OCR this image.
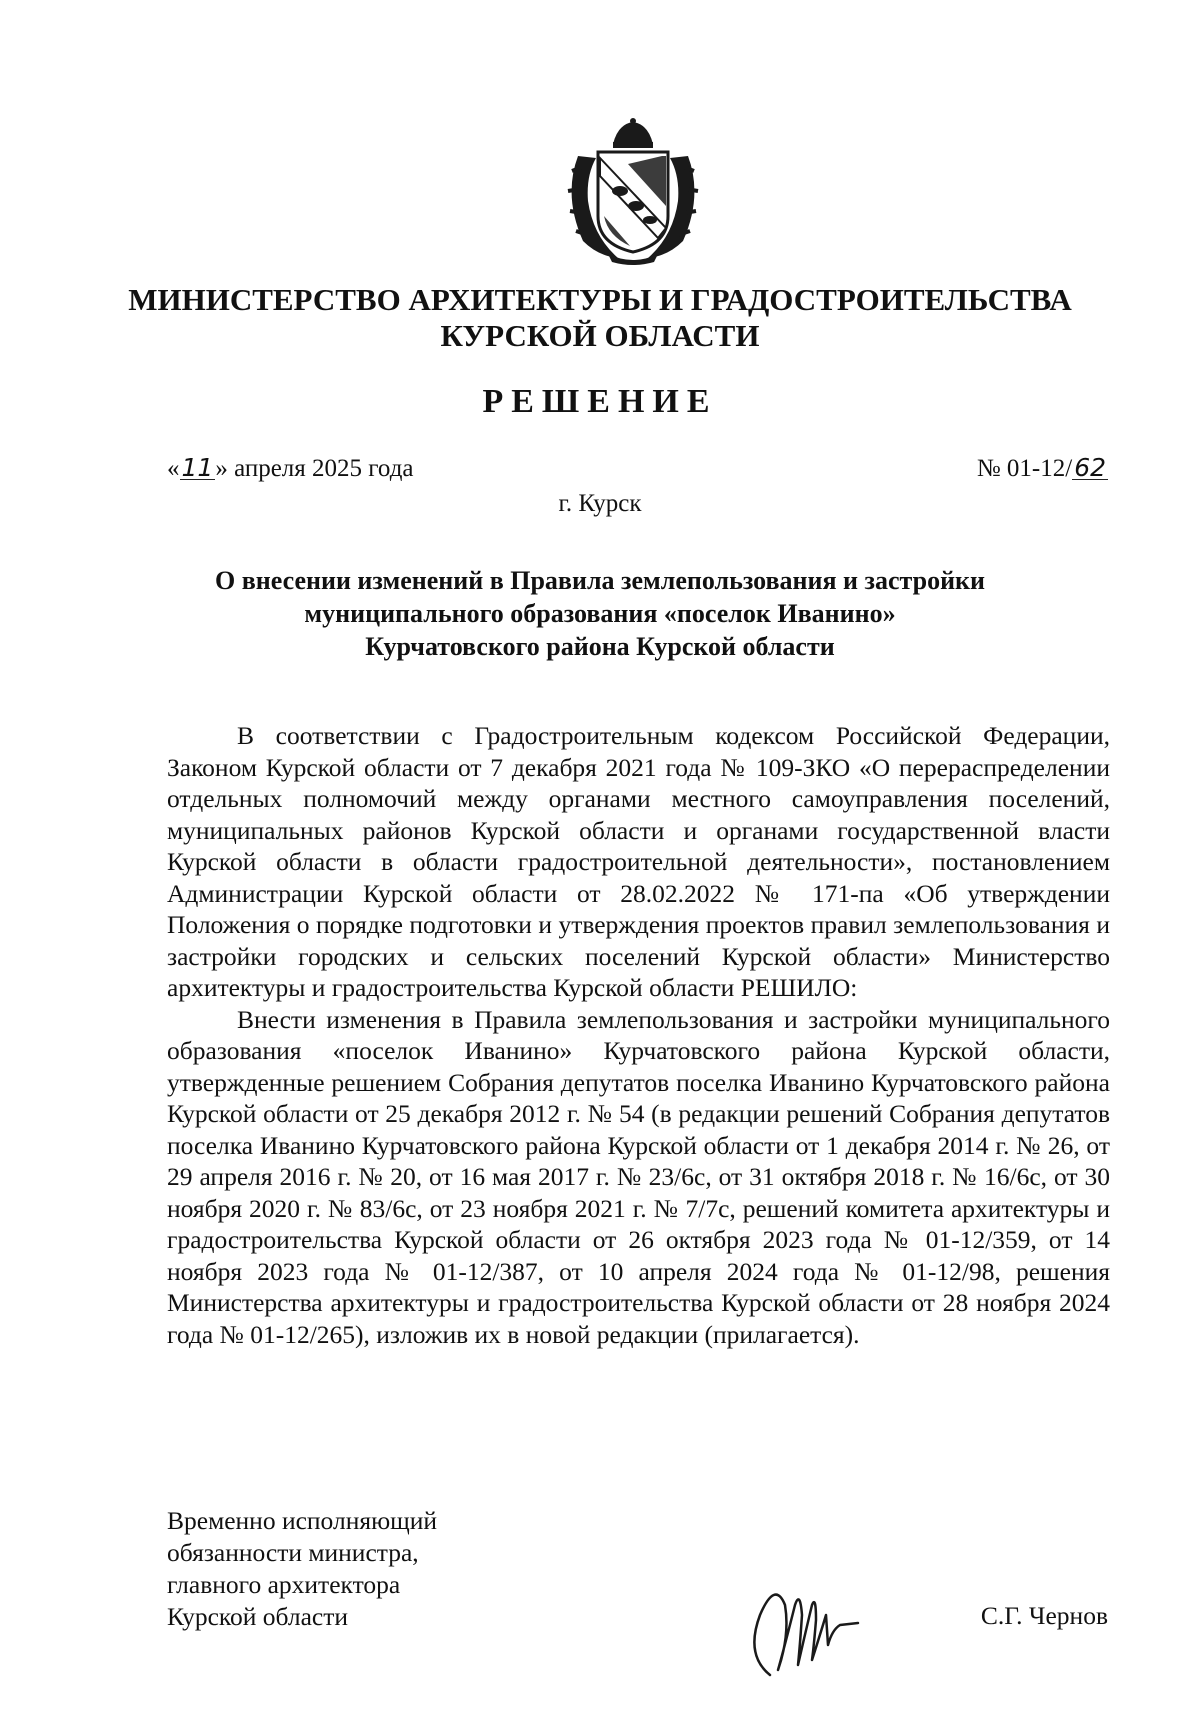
МИНИСТЕРСТВО АРХИТЕКТУРЫ И ГРАДОСТРОИТЕЛЬСТВА
КУРСКОЙ ОБЛАСТИ
РЕШЕНИЕ
«11» апреля 2025 года	№ 01-12/62
г. Курск
О внесении изменений в Правила землепользования и застройки
муниципального образования «поселок Иванино»
Курчатовского района Курской области

В соответствии с Градостроительным кодексом Российской Федерации, Законом Курской области от 7 декабря 2021 года № 109-ЗКО «О перераспределении отдельных полномочий между органами местного самоуправления поселений, муниципальных районов Курской области и органами государственной власти Курской области в области градостроительной деятельности», постановлением Администрации Курской области от 28.02.2022 № 171-па «Об утверждении Положения о порядке подготовки и утверждения проектов правил землепользования и застройки городских и сельских поселений Курской области» Министерство архитектуры и градостроительства Курской области РЕШИЛО:

Внести изменения в Правила землепользования и застройки муниципального образования «поселок Иванино» Курчатовского района Курской области, утвержденные решением Собрания депутатов поселка Иванино Курчатовского района Курской области от 25 декабря 2012 г. № 54 (в редакции решений Собрания депутатов поселка Иванино Курчатовского района Курской области от 1 декабря 2014 г. № 26, от 29 апреля 2016 г. № 20, от 16 мая 2017 г. № 23/6с, от 31 октября 2018 г. № 16/6с, от 30 ноября 2020 г. № 83/6с, от 23 ноября 2021 г. № 7/7с, решений комитета архитектуры и градостроительства Курской области от 26 октября 2023 года № 01-12/359, от 14 ноября 2023 года № 01-12/387, от 10 апреля 2024 года № 01-12/98, решения Министерства архитектуры и градостроительства Курской области от 28 ноября 2024 года № 01-12/265), изложив их в новой редакции (прилагается).

Временно исполняющий
обязанности министра,
главного архитектора
Курской области	С.Г. Чернов
